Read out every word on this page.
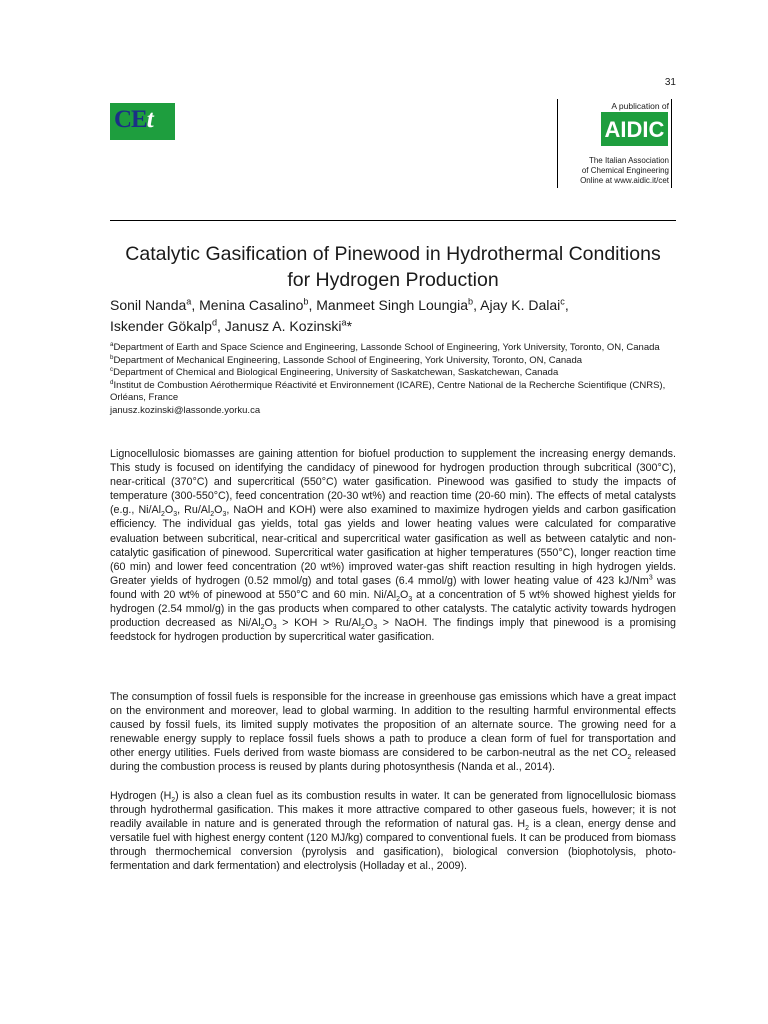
31
CEt	A publication of
AIDIC
The Italian Association
of Chemical Engineering
Online at www.aidic.it/cet
Catalytic Gasification of Pinewood in Hydrothermal Conditions
for Hydrogen Production
Sonil Nanda$^a$, Menina Casalino$^b$, Manmeet Singh Loungia$^b$, Ajay K. Dalai$^c$,
Iskender Gökalp$^d$, Janusz A. Kozinski$^a$*
$^a$Department of Earth and Space Science and Engineering, Lassonde School of Engineering, York University, Toronto, ON, Canada
$^b$Department of Mechanical Engineering, Lassonde School of Engineering, York University, Toronto, ON, Canada
$^c$Department of Chemical and Biological Engineering, University of Saskatchewan, Saskatchewan, Canada
$^d$Institut de Combustion Aérothermique Réactivité et Environnement (ICARE), Centre National de la Recherche Scientifique (CNRS), Orléans, France
janusz.kozinski@lassonde.yorku.ca

Lignocellulosic biomasses are gaining attention for biofuel production to supplement the increasing energy demands. This study is focused on identifying the candidacy of pinewood for hydrogen production through subcritical (300°C), near-critical (370°C) and supercritical (550°C) water gasification. Pinewood was gasified to study the impacts of temperature (300-550°C), feed concentration (20-30 wt%) and reaction time (20-60 min). The effects of metal catalysts (e.g., $Ni/Al_2O_3$, $Ru/Al_2O_3$, NaOH and KOH) were also examined to maximize hydrogen yields and carbon gasification efficiency. The individual gas yields, total gas yields and lower heating values were calculated for comparative evaluation between subcritical, near-critical and supercritical water gasification as well as between catalytic and non-catalytic gasification of pinewood. Supercritical water gasification at higher temperatures (550°C), longer reaction time (60 min) and lower feed concentration (20 wt%) improved water-gas shift reaction resulting in high hydrogen yields. Greater yields of hydrogen (0.52 mmol/g) and total gases (6.4 mmol/g) with lower heating value of 423 kJ/Nm$^3$ was found with 20 wt% of pinewood at 550°C and 60 min. $Ni/Al_2O_3$ at a concentration of 5 wt% showed highest yields for hydrogen (2.54 mmol/g) in the gas products when compared to other catalysts. The catalytic activity towards hydrogen production decreased as $Ni/Al_2O_3$ > KOH > $Ru/Al_2O_3$ > NaOH. The findings imply that pinewood is a promising feedstock for hydrogen production by supercritical water gasification.

The consumption of fossil fuels is responsible for the increase in greenhouse gas emissions which have a great impact on the environment and moreover, lead to global warming. In addition to the resulting harmful environmental effects caused by fossil fuels, its limited supply motivates the proposition of an alternate source. The growing need for a renewable energy supply to replace fossil fuels shows a path to produce a clean form of fuel for transportation and other energy utilities. Fuels derived from waste biomass are considered to be carbon-neutral as the net $CO_2$ released during the combustion process is reused by plants during photosynthesis (Nanda et al., 2014).

Hydrogen $(H_2)$ is also a clean fuel as its combustion results in water. It can be generated from lignocellulosic biomass through hydrothermal gasification. This makes it more attractive compared to other gaseous fuels, however; it is not readily available in nature and is generated through the reformation of natural gas. $H_2$ is a clean, energy dense and versatile fuel with highest energy content (120 MJ/kg) compared to conventional fuels. It can be produced from biomass through thermochemical conversion (pyrolysis and gasification), biological conversion (biophotolysis, photo-fermentation and dark fermentation) and electrolysis (Holladay et al., 2009).
